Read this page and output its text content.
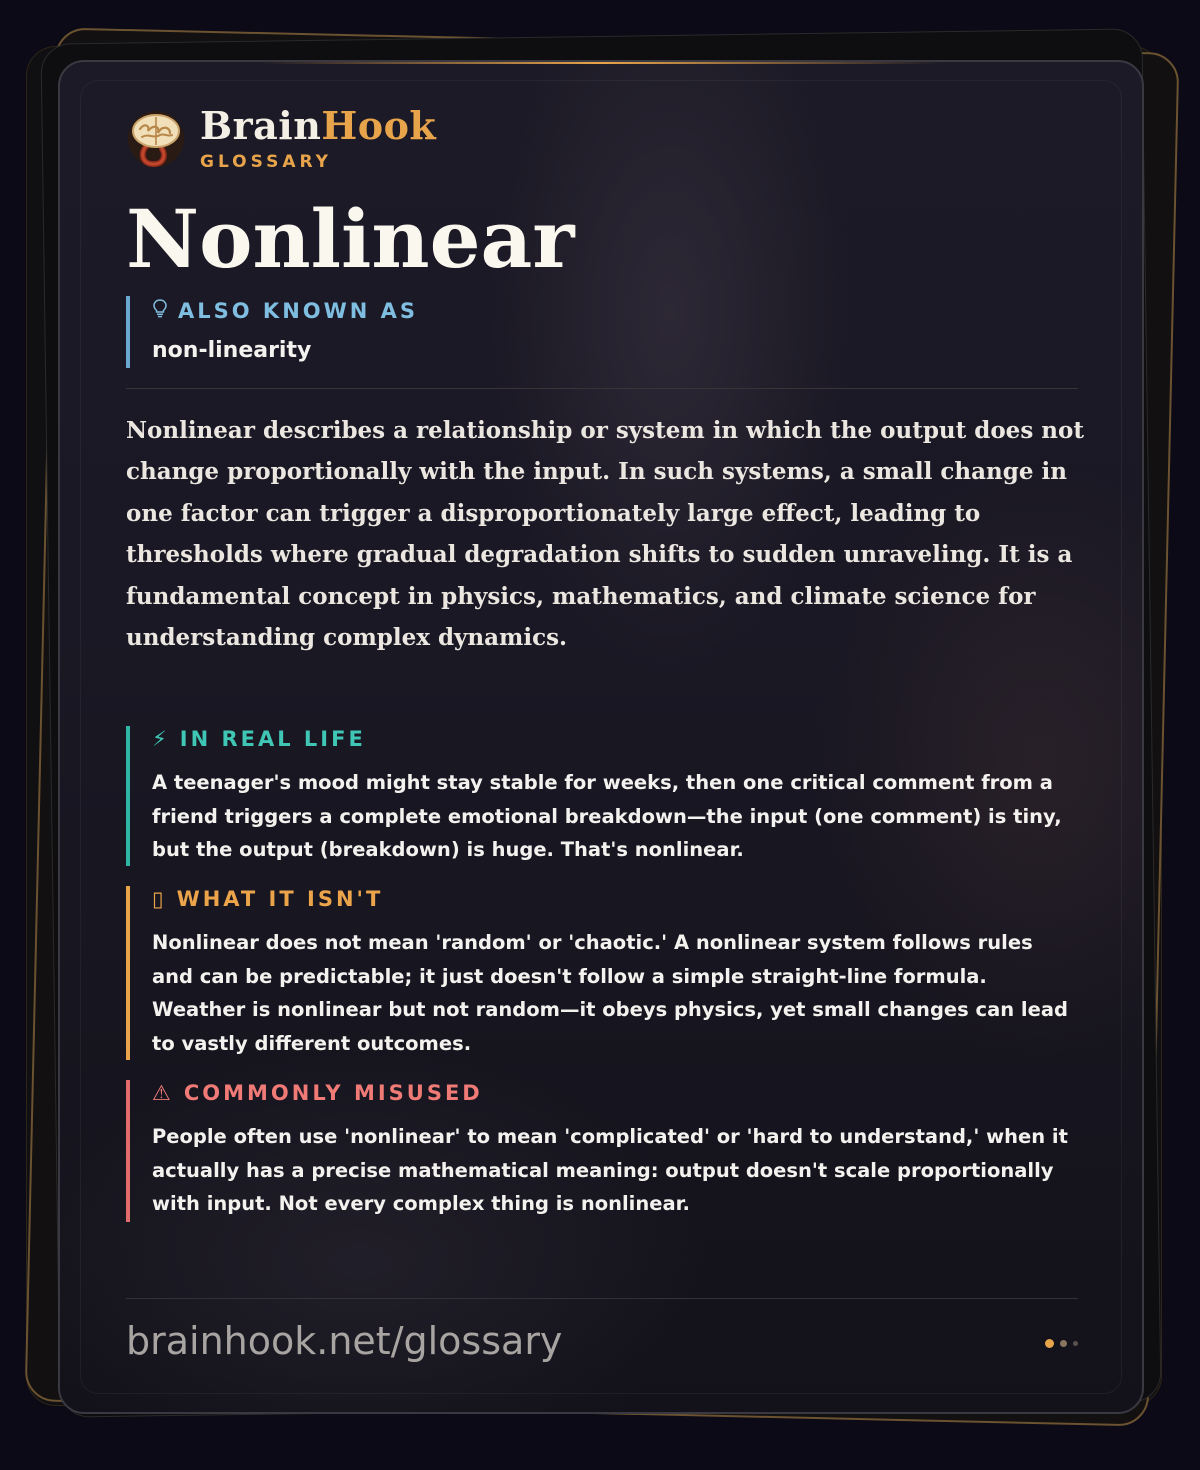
BrainHook
GLOSSARY
Nonlinear
ALSO KNOWN AS
non-linearity

Nonlinear describes a relationship or system in which the output does not change proportionally with the input. In such systems, a small change in one factor can trigger a disproportionately large effect, leading to thresholds where gradual degradation shifts to sudden unraveling. It is a fundamental concept in physics, mathematics, and climate science for understanding complex dynamics.

⚡ IN REAL LIFE
A teenager's mood might stay stable for weeks, then one critical comment from a friend triggers a complete emotional breakdown—the input (one comment) is tiny, but the output (breakdown) is huge. That's nonlinear.
▯ WHAT IT ISN'T
Nonlinear does not mean 'random' or 'chaotic.' A nonlinear system follows rules and can be predictable; it just doesn't follow a simple straight-line formula. Weather is nonlinear but not random—it obeys physics, yet small changes can lead to vastly different outcomes.
⚠ COMMONLY MISUSED
People often use 'nonlinear' to mean 'complicated' or 'hard to understand,' when it actually has a precise mathematical meaning: output doesn't scale proportionally with input. Not every complex thing is nonlinear.
brainhook.net/glossary
